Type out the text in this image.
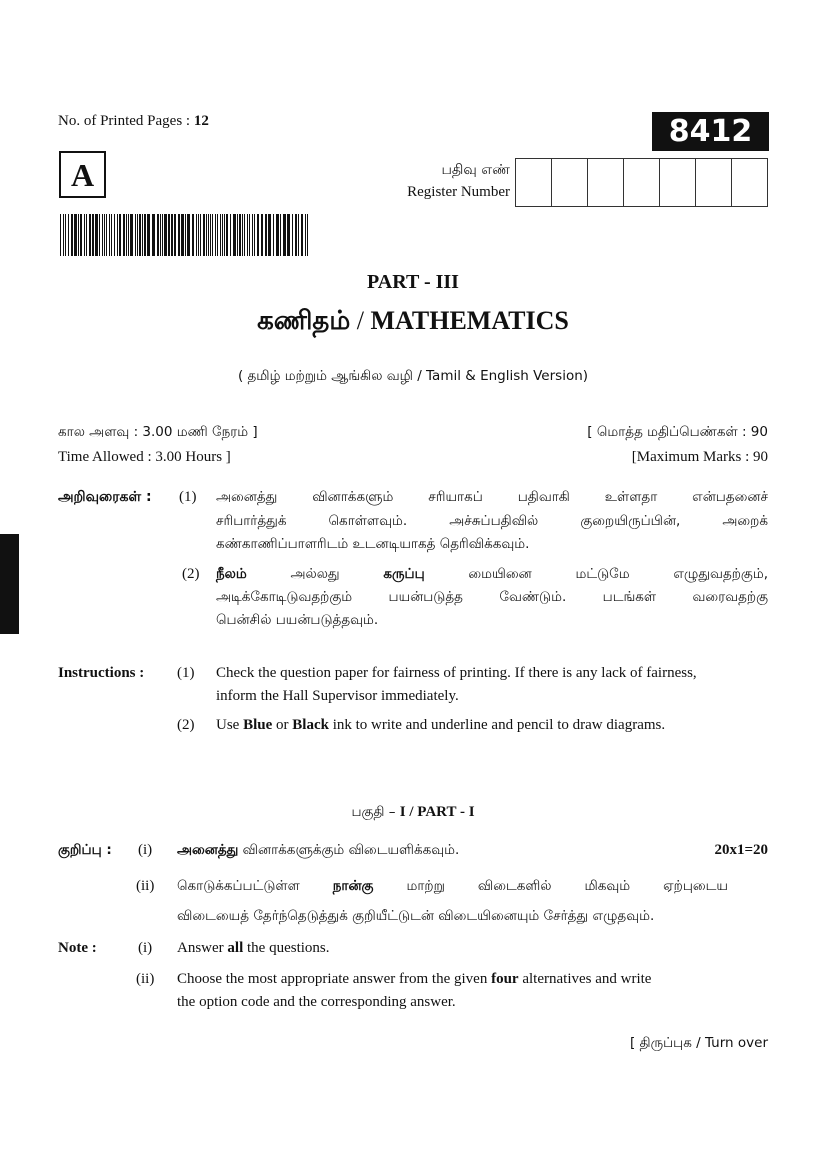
No. of Printed Pages : 12	8412
A	பதிவு எண்
Register Number
PART - III
கணிதம் / MATHEMATICS
( தமிழ் மற்றும் ஆங்கில வழி / Tamil & English Version)
கால அளவு : 3.00 மணி நேரம் ]	[ மொத்த மதிப்பெண்கள் : 90
Time Allowed : 3.00 Hours ]	[Maximum Marks : 90
அறிவுரைகள் : (1) அனைத்து வினாக்களும் சரியாகப் பதிவாகி உள்ளதா என்பதனைச்
சரிபார்த்துக் கொள்ளவும். அச்சுப்பதிவில் குறையிருப்பின், அறைக்
கண்காணிப்பாளரிடம் உடனடியாகத் தெரிவிக்கவும்.
(2) நீலம்	அல்லது	கருப்பு	மையினை மட்டுமே எழுதுவதற்கும்,
அடிக்கோடிடுவதற்கும் பயன்படுத்த வேண்டும். படங்கள் வரைவதற்கு
பென்சில் பயன்படுத்தவும்.
Instructions : (1) Check the question paper for fairness of printing. If there is any lack of fairness,
inform the Hall Supervisor immediately.
(2) Use Blue or Black ink to write and underline and pencil to draw diagrams.
பகுதி – I / PART - I
குறிப்பு : (i) அனைத்து வினாக்களுக்கும் விடையளிக்கவும்.	20x1=20
(ii) கொடுக்கப்பட்டுள்ள நான்கு மாற்று விடைகளில் மிகவும் ஏற்புடைய
விடையைத் தேர்ந்தெடுத்துக் குறியீட்டுடன் விடையினையும் சேர்த்து எழுதவும்.
Note :	(i) Answer all the questions.
(ii) Choose the most appropriate answer from the given four alternatives and write
the option code and the corresponding answer.
[ திருப்புக / Turn over
